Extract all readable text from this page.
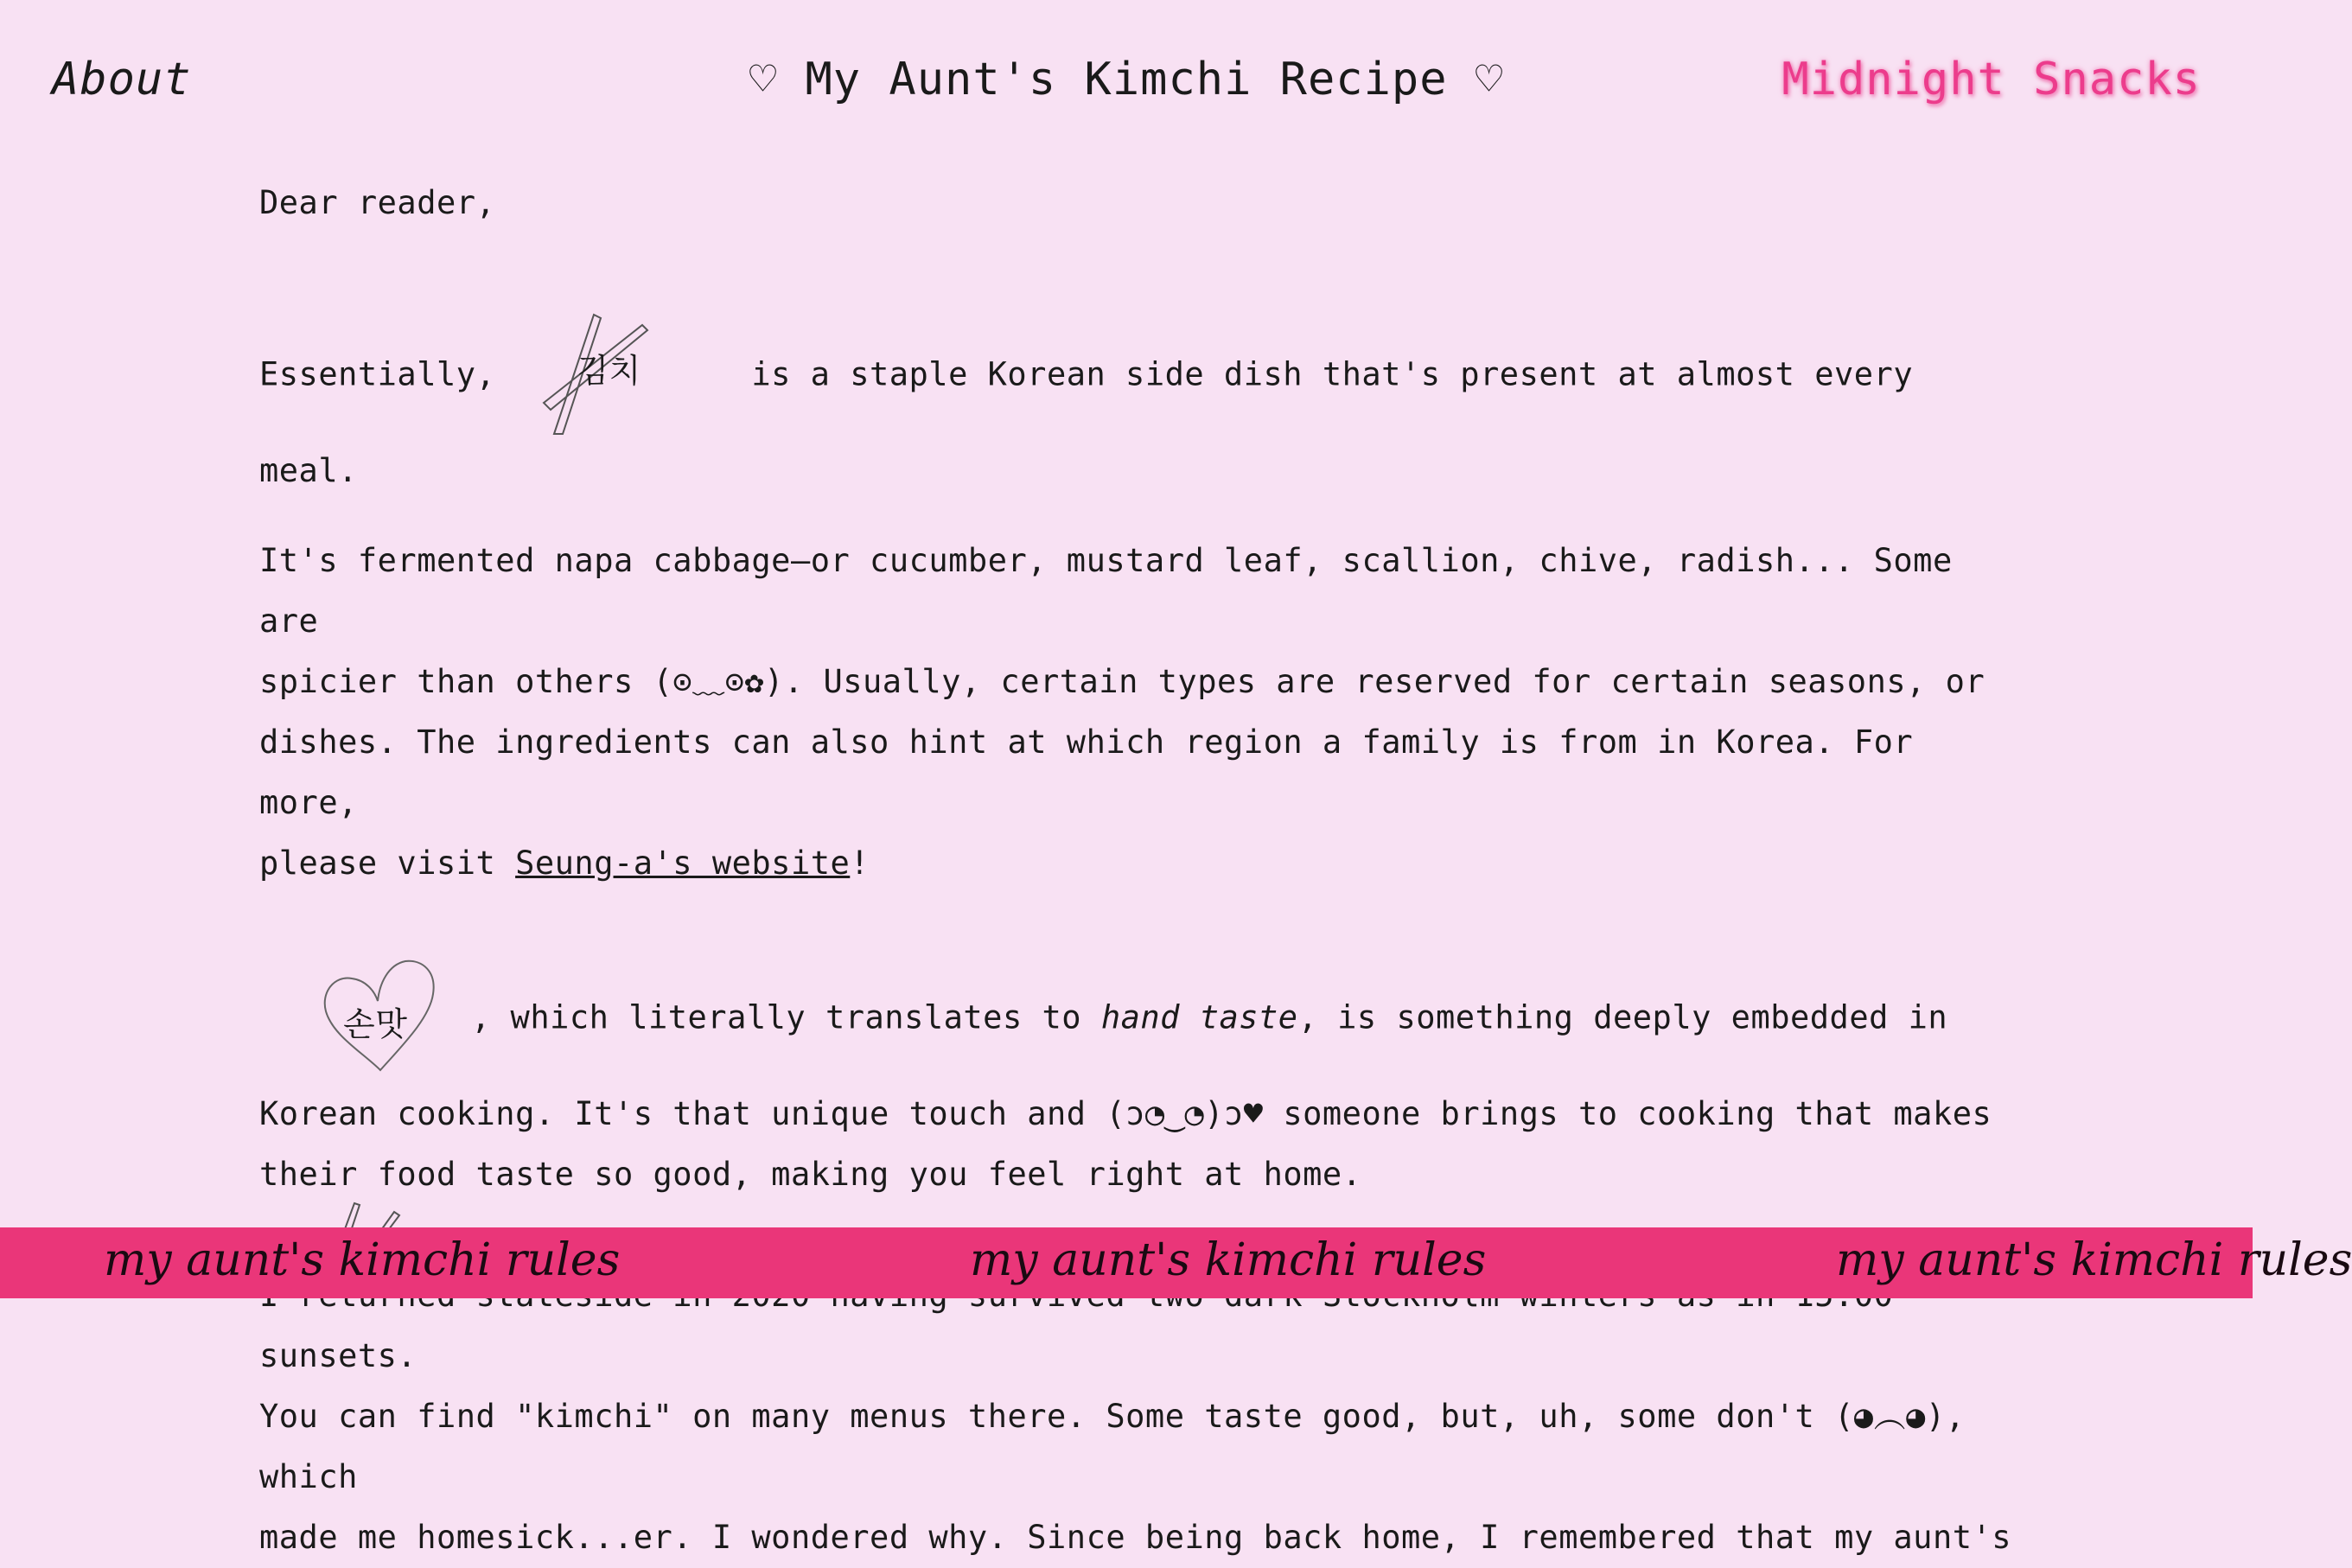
About	♡ My Aunt's Kimchi Recipe ♡	Midnight Snacks

Dear reader,

Essentially, 김치	is a staple Korean side dish that's present at almost every meal.

It's fermented napa cabbage—or cucumber, mustard leaf, scallion, chive, radish... Some are
spicier than others (⊙﹏⊙✿). Usually, certain types are reserved for certain seasons, or
dishes. The ingredients can also hint at which region a family is from in Korea. For more,
please visit Seung-a's website!

손맛 , which literally translates to hand taste, is something deeply embedded in
Korean cooking. It's that unique touch and (ɔ◔‿◔)ɔ♥ someone brings to cooking that makes
their food taste so good, making you feel right at home.

sunsets.
You can find "kimchi" on many menus there. Some taste good, but, uh, some don't (◕︵◕), which
made me homesick...er. I wondered why. Since being back home, I remembered that my aunt's

my aunt's kimchi rules	my aunt's kimchi rules	my aunt's kimchi rules
